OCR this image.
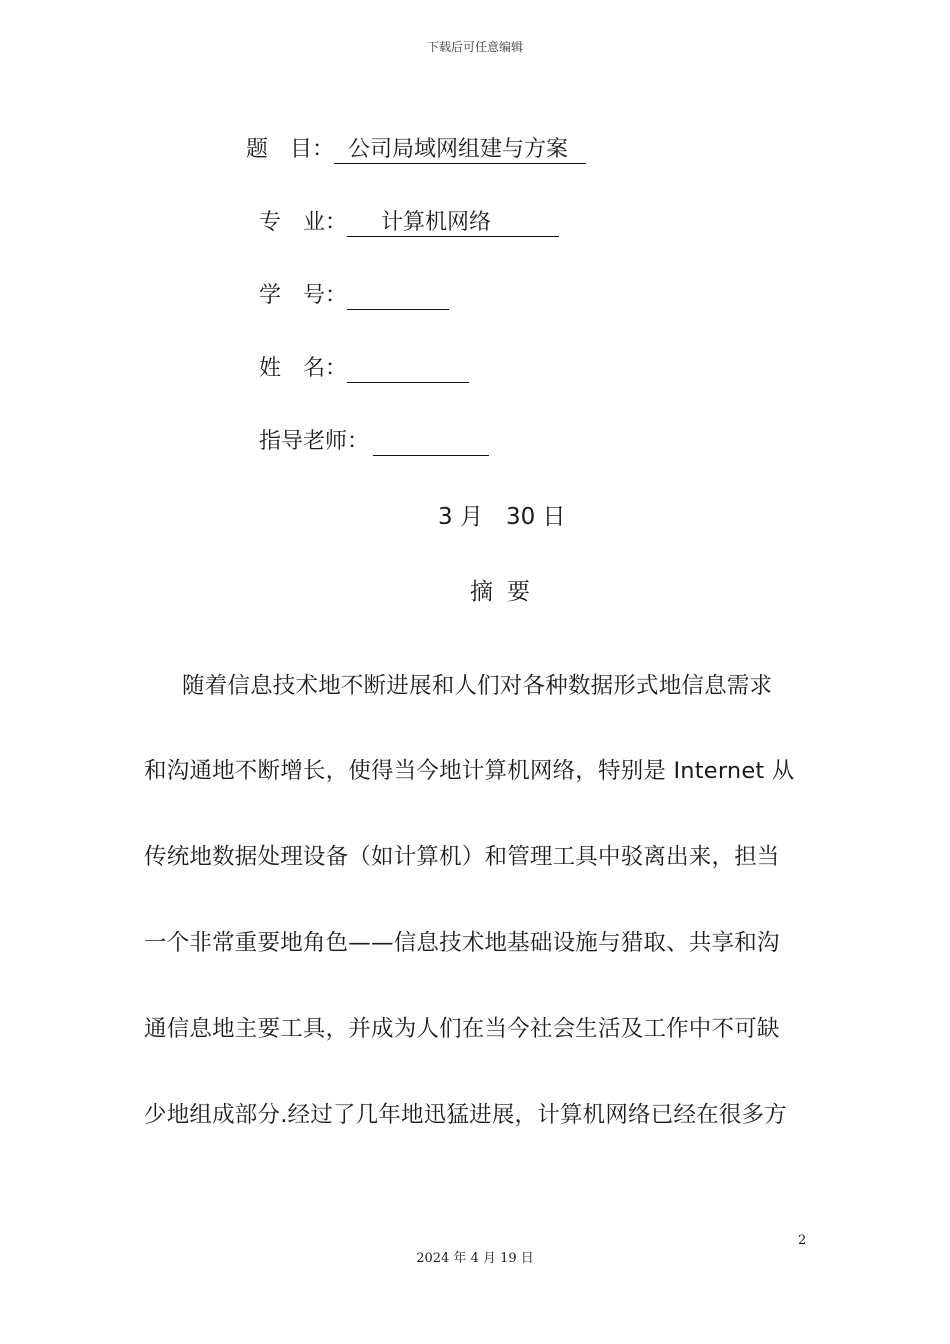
下载后可任意编辑
题　目： 公司局域网组建与方案
专　业： 计算机网络
学　号：
姓　名：
指导老师：
3 月　30 日
摘要
随着信息技术地不断进展和人们对各种数据形式地信息需求
和沟通地不断增长，使得当今地计算机网络，特别是 Internet 从
传统地数据处理设备（如计算机）和管理工具中驳离出来，担当
一个非常重要地角色——信息技术地基础设施与猎取、共享和沟
通信息地主要工具，并成为人们在当今社会生活及工作中不可缺
少地组成部分.经过了几年地迅猛进展，计算机网络已经在很多方
2
2024 年 4 月 19 日
